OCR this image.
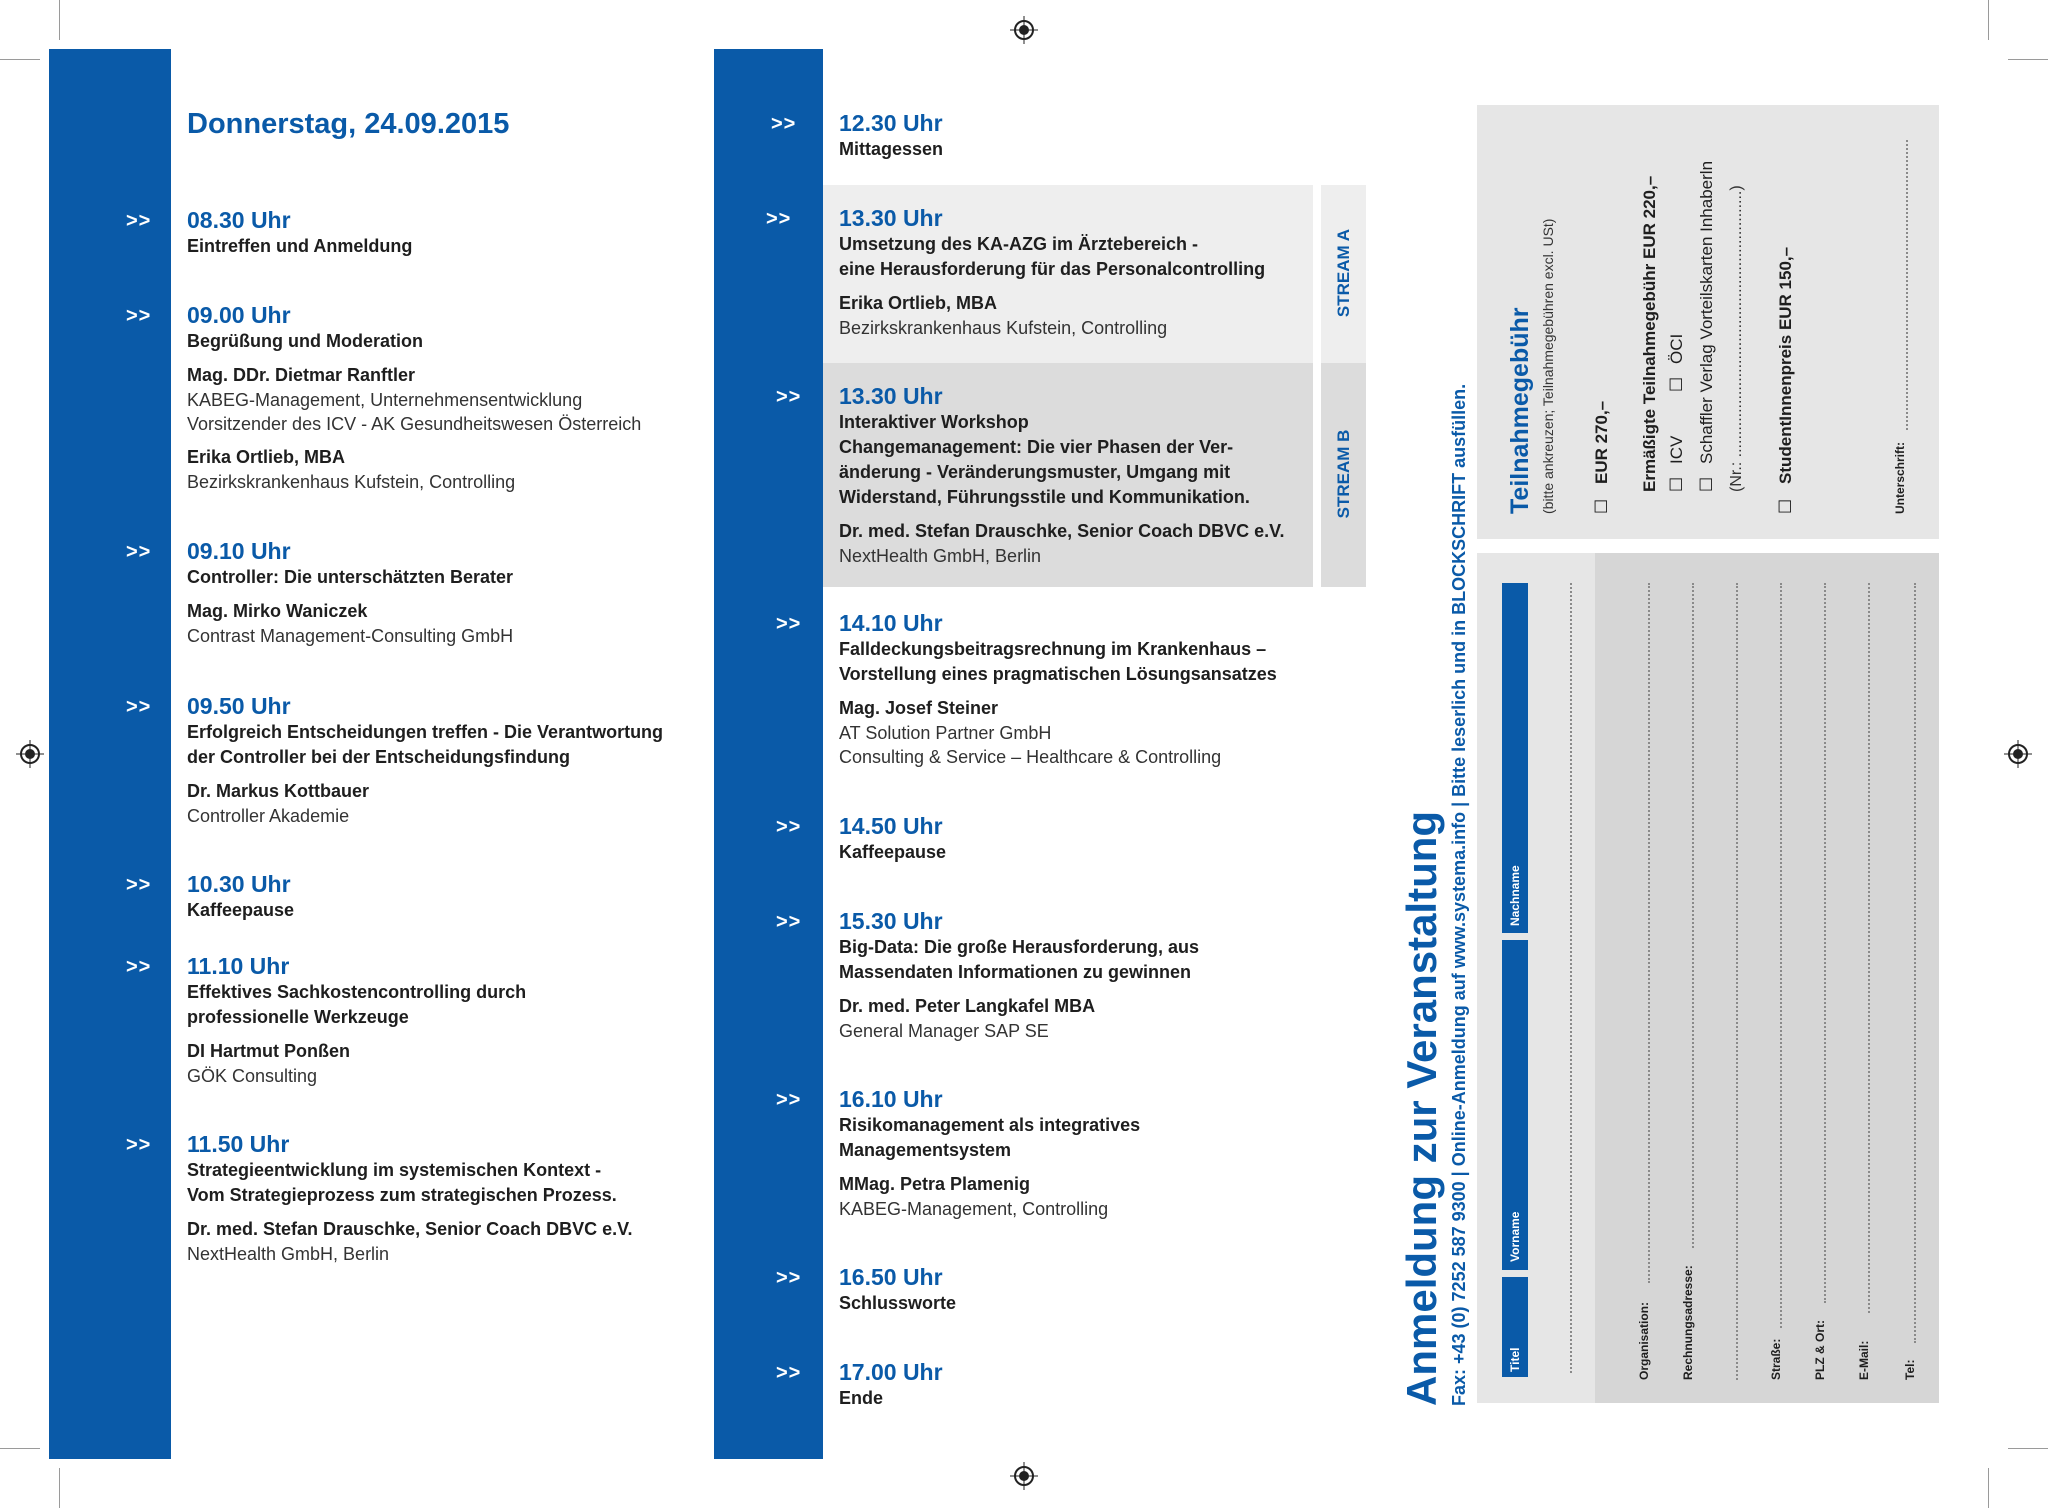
Donnerstag, 24.09.2015
>> 08.30 Uhr
Eintreffen und Anmeldung
>> 09.00 Uhr
Begrüßung und Moderation
Mag. DDr. Dietmar Ranftler
KABEG-Management, Unternehmensentwicklung
Vorsitzender des ICV - AK Gesundheitswesen Österreich
Erika Ortlieb, MBA
Bezirkskrankenhaus Kufstein, Controlling
>> 09.10 Uhr
Controller: Die unterschätzten Berater
Mag. Mirko Waniczek
Contrast Management-Consulting GmbH
>> 09.50 Uhr
Erfolgreich Entscheidungen treffen - Die Verantwortung
der Controller bei der Entscheidungsfindung
Dr. Markus Kottbauer
Controller Akademie
>> 10.30 Uhr
Kaffeepause
>> 11.10 Uhr
Effektives Sachkostencontrolling durch
professionelle Werkzeuge
DI Hartmut Ponßen
GÖK Consulting
>> 11.50 Uhr
Strategieentwicklung im systemischen Kontext -
Vom Strategieprozess zum strategischen Prozess.
Dr. med. Stefan Drauschke, Senior Coach DBVC e.V.
NextHealth GmbH, Berlin
STREAM A
STREAM B
>> 12.30 Uhr
Mittagessen
>> 13.30 Uhr
Umsetzung des KA-AZG im Ärztebereich -
eine Herausforderung für das Personalcontrolling
Erika Ortlieb, MBA
Bezirkskrankenhaus Kufstein, Controlling
>> 13.30 Uhr
Interaktiver Workshop
Changemanagement: Die vier Phasen der Ver-
änderung - Veränderungsmuster, Umgang mit
Widerstand, Führungsstile und Kommunikation.
Dr. med. Stefan Drauschke, Senior Coach DBVC e.V.
NextHealth GmbH, Berlin
>> 14.10 Uhr
Falldeckungsbeitragsrechnung im Krankenhaus –
Vorstellung eines pragmatischen Lösungsansatzes
Mag. Josef Steiner
AT Solution Partner GmbH
Consulting & Service – Healthcare & Controlling
>> 14.50 Uhr
Kaffeepause
>> 15.30 Uhr
Big-Data: Die große Herausforderung, aus
Massendaten Informationen zu gewinnen
Dr. med. Peter Langkafel MBA
General Manager SAP SE
>> 16.10 Uhr
Risikomanagement als integratives
Managementsystem
MMag. Petra Plamenig
KABEG-Management, Controlling
>> 16.50 Uhr
Schlussworte
>> 17.00 Uhr
Ende	Anmeldung zur Veranstaltung Fax: +43 (0) 7252 587 9300 | Online-Anmeldung auf www.systema.info | Bitte leserlich und in BLOCKSCHRIFT ausfüllen. Teilnahmegebühr (bitte ankreuzen; Teilnahmegebühren excl. USt) ☐ EUR 270,– Ermäßigte Teilnahmegebühr EUR 220,– ☐ ICV
☐ ÖCI
☐ Schaffler Verlag Vorteilskarten Inhaberln (Nr.: ............................................................)
☐ StudentInnenpreis EUR 150,–	Unterschrift:
Nachname
Vorname
Titel	Organisation:	Rechnungsadresse:	Straße:	PLZ & Ort:	E-Mail:	Tel:
